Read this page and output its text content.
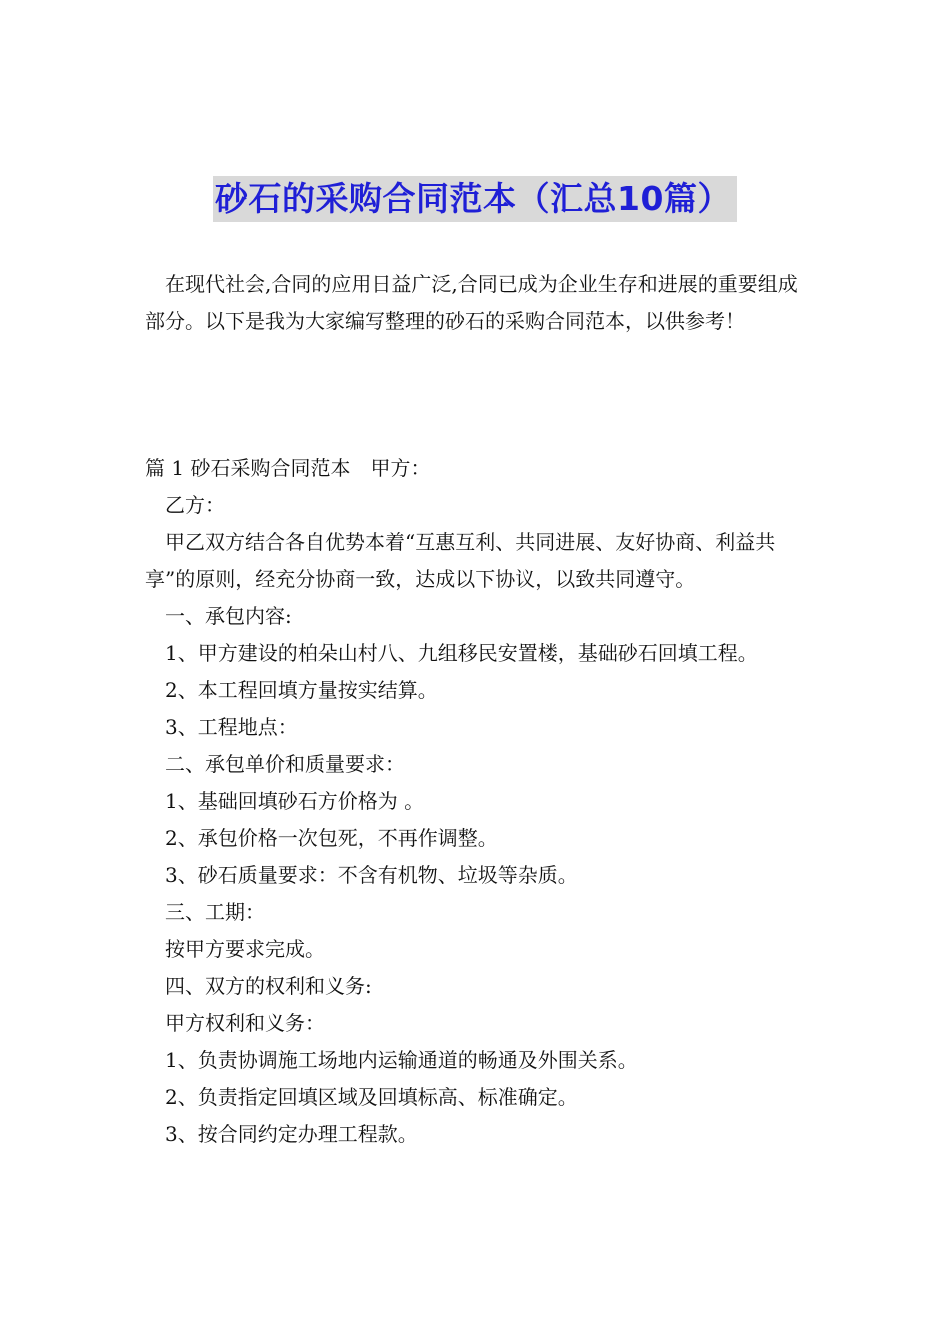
砂石的采购合同范本（汇总10篇）

在现代社会,合同的应用日益广泛,合同已成为企业生存和进展的重要组成部分。以下是我为大家编写整理的砂石的采购合同范本，以供参考！

篇 1 砂石采购合同范本　甲方：

乙方：

甲乙双方结合各自优势本着“互惠互利、共同进展、友好协商、利益共享”的原则，经充分协商一致，达成以下协议，以致共同遵守。

一、承包内容:

1、甲方建设的柏朵山村八、九组移民安置楼，基础砂石回填工程。

2、本工程回填方量按实结算。

3、工程地点：

二、承包单价和质量要求：

1、基础回填砂石方价格为 。

2、承包价格一次包死，不再作调整。

3、砂石质量要求：不含有机物、垃圾等杂质。

三、工期：

按甲方要求完成。

四、双方的权利和义务:

甲方权利和义务：

1、负责协调施工场地内运输通道的畅通及外围关系。

2、负责指定回填区域及回填标高、标准确定。

3、按合同约定办理工程款。
